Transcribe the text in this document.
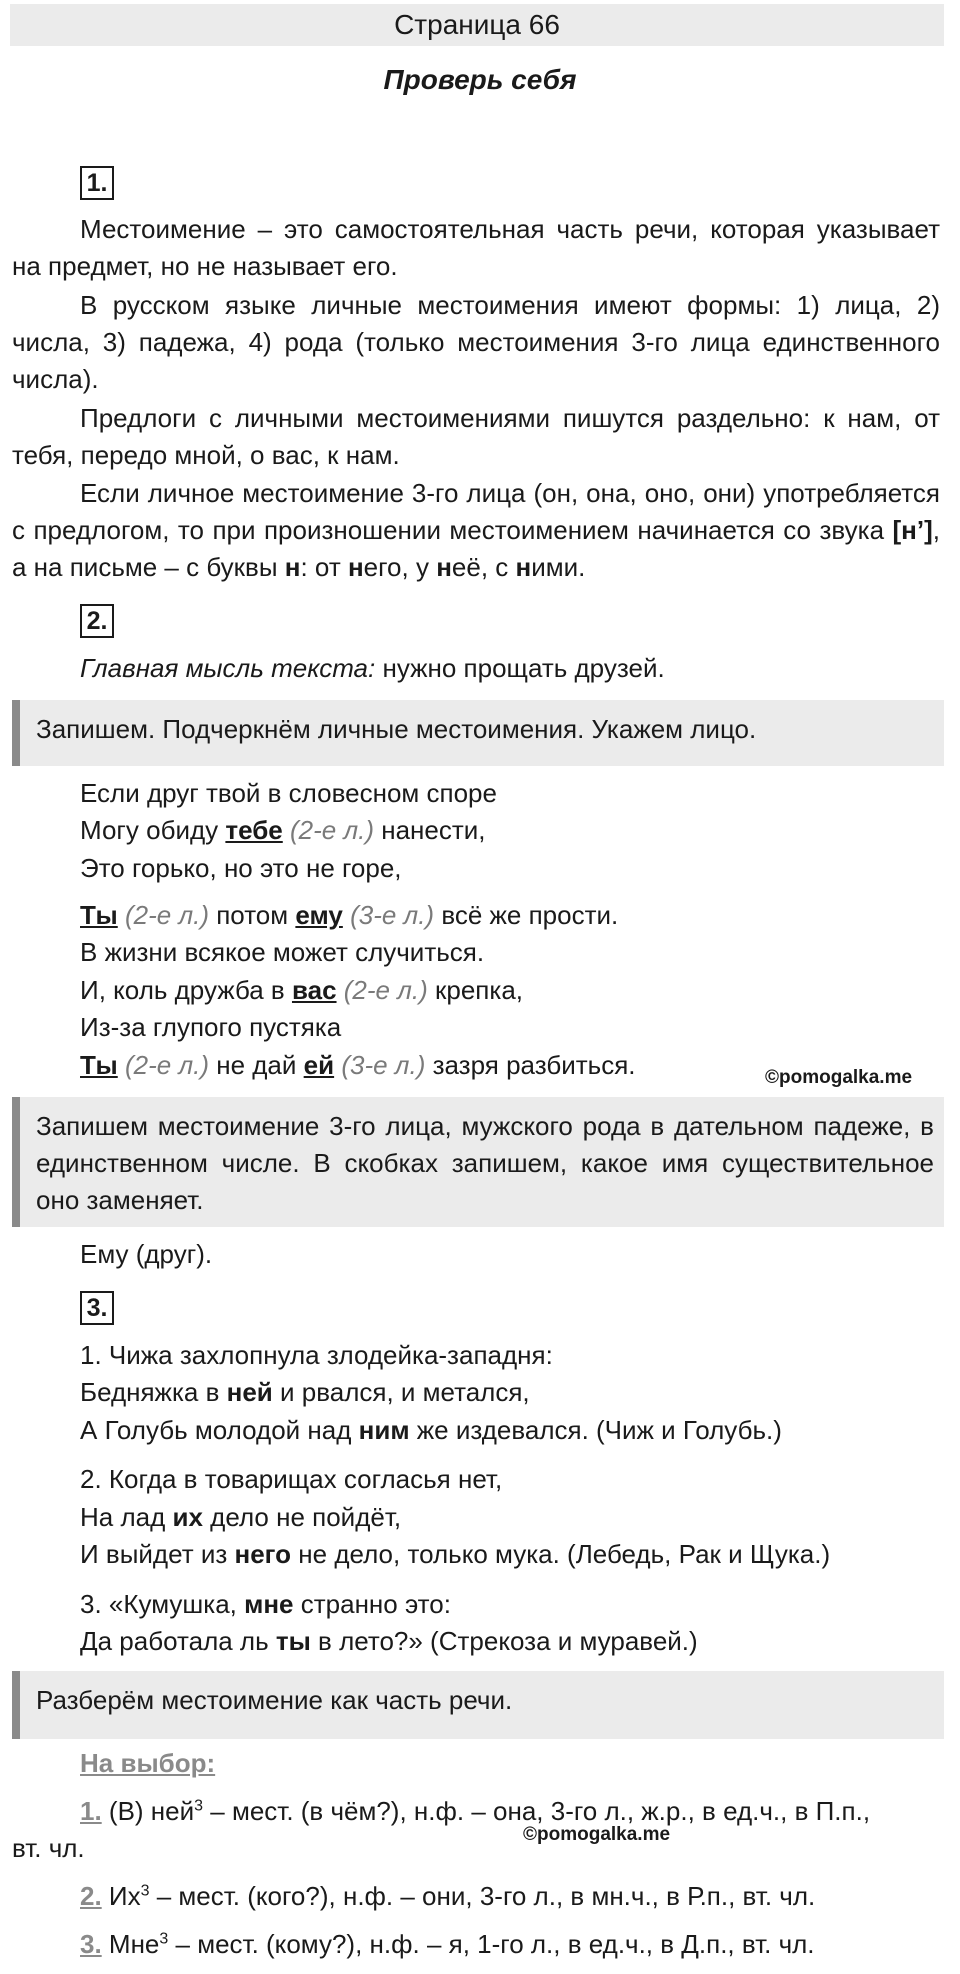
Страница 66
Проверь себя
1.
Местоимение – это самостоятельная часть речи, которая указывает на предмет, но не называет его.
В русском языке личные местоимения имеют формы: 1) лица, 2) числа, 3) падежа, 4) рода (только местоимения 3-го лица единственного числа).
Предлоги с личными местоимениями пишутся раздельно: к нам, от тебя, передо мной, о вас, к нам.
Если личное местоимение 3-го лица (он, она, оно, они) употребляется с предлогом, то при произношении местоимением начинается со звука [н’], а на письме – с буквы н: от него, у неё, с ними.
2.
Главная мысль текста: нужно прощать друзей.
Запишем. Подчеркнём личные местоимения. Укажем лицо.
Если друг твой в словесном споре
Могу обиду тебе (2-е л.) нанести,
Это горько, но это не горе,
Ты (2-е л.) потом ему (3-е л.) всё же прости.
В жизни всякое может случиться.
И, коль дружба в вас (2-е л.) крепка,
Из-за глупого пустяка
Ты (2-е л.) не дай ей (3-е л.) зазря разбиться.	©pomogalka.me
Запишем местоимение 3-го лица, мужского рода в дательном падеже, в единственном числе. В скобках запишем, какое имя существительное оно заменяет.
Ему (друг).
3.
1. Чижа захлопнула злодейка-западня:
Бедняжка в ней и рвался, и метался,
А Голубь молодой над ним же издевался. (Чиж и Голубь.)
2. Когда в товарищах согласья нет,
На лад их дело не пойдёт,
И выйдет из него не дело, только мука. (Лебедь, Рак и Щука.)
3. «Кумушка, мне странно это:
Да работала ль ты в лето?» (Стрекоза и муравей.)
Разберём местоимение как часть речи.
На выбор:
1. (В) ней$^3$ – мест. (в чём?), н.ф. – она, 3-го л., ж.р., в ед.ч., в П.п.,
вт. чл.	©pomogalka.me
2. $Их^3$ – мест. (кого?), н.ф. – они, 3-го л., в мн.ч., в Р.п., вт. чл.
3. Мне$^3$ – мест. (кому?), н.ф. – я, 1-го л., в ед.ч., в Д.п., вт. чл.
